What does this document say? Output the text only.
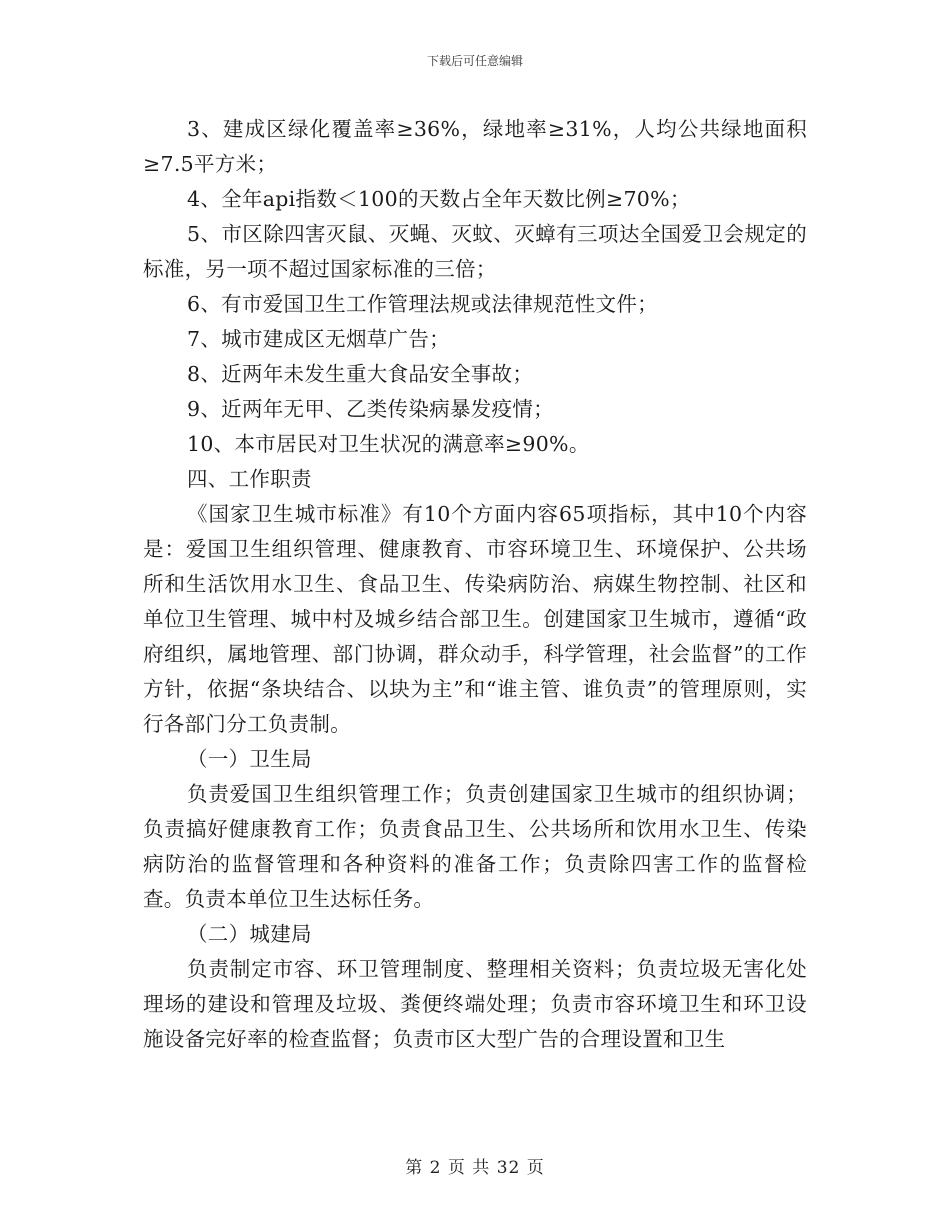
下载后可任意编辑

3、建成区绿化覆盖率≥36%，绿地率≥31%，人均公共绿地面积≥7.5平方米；

4、全年api指数＜100的天数占全年天数比例≥70%；

5、市区除四害灭鼠、灭蝇、灭蚊、灭蟑有三项达全国爱卫会规定的标准，另一项不超过国家标准的三倍；

6、有市爱国卫生工作管理法规或法律规范性文件；

7、城市建成区无烟草广告；

8、近两年未发生重大食品安全事故；

9、近两年无甲、乙类传染病暴发疫情；

10、本市居民对卫生状况的满意率≥90%。

四、工作职责

《国家卫生城市标准》有10个方面内容65项指标，其中10个内容是：爱国卫生组织管理、健康教育、市容环境卫生、环境保护、公共场所和生活饮用水卫生、食品卫生、传染病防治、病媒生物控制、社区和单位卫生管理、城中村及城乡结合部卫生。创建国家卫生城市，遵循“政府组织，属地管理、部门协调，群众动手，科学管理，社会监督”的工作方针，依据“条块结合、以块为主”和“谁主管、谁负责”的管理原则，实行各部门分工负责制。

（一）卫生局

负责爱国卫生组织管理工作；负责创建国家卫生城市的组织协调；负责搞好健康教育工作；负责食品卫生、公共场所和饮用水卫生、传染病防治的监督管理和各种资料的准备工作；负责除四害工作的监督检查。负责本单位卫生达标任务。

（二）城建局

负责制定市容、环卫管理制度、整理相关资料；负责垃圾无害化处理场的建设和管理及垃圾、粪便终端处理；负责市容环境卫生和环卫设施设备完好率的检查监督；负责市区大型广告的合理设置和卫生

第 2 页 共 32 页
